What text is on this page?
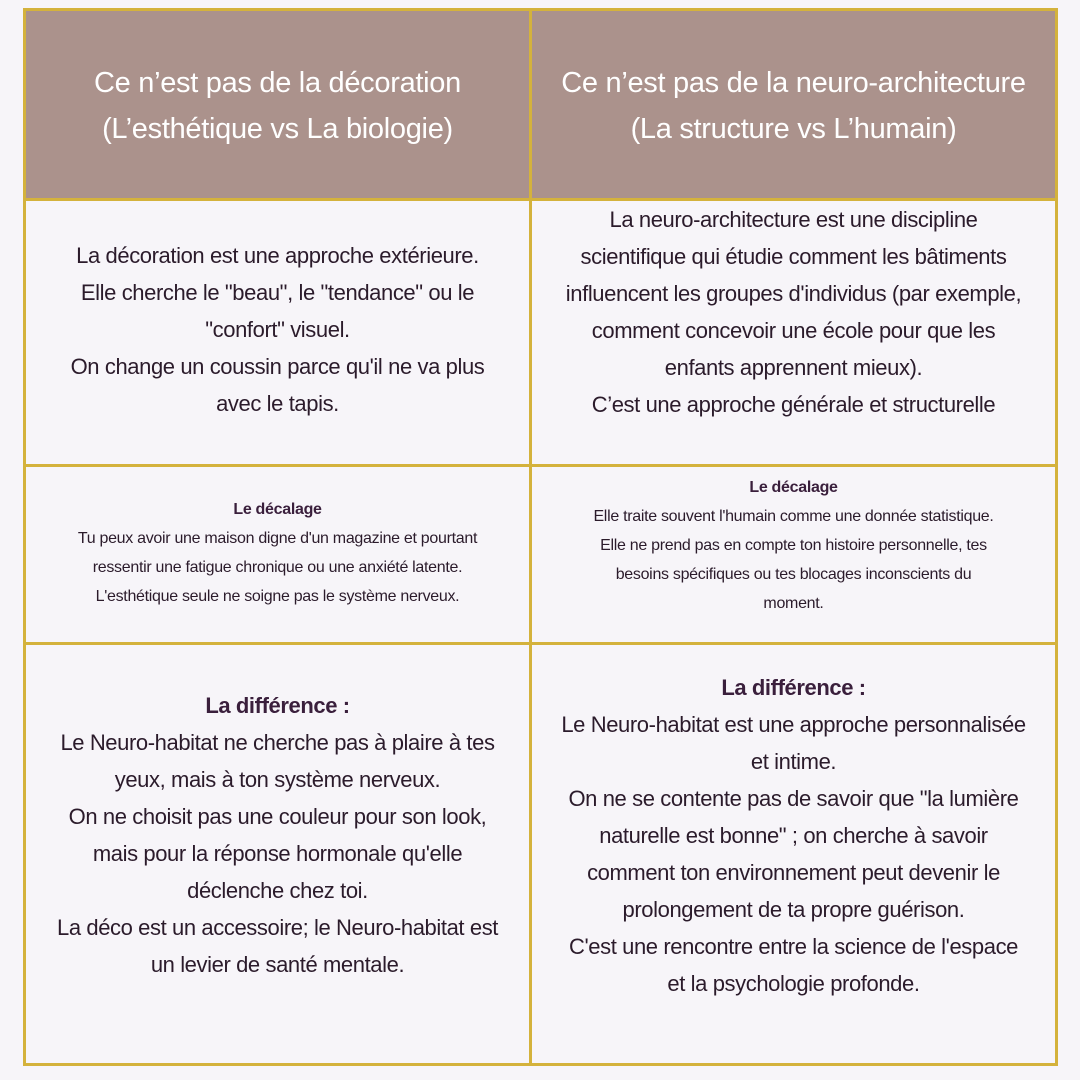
Ce n’est pas de la décoration
(L’esthétique vs La biologie)
Ce n’est pas de la neuro-architecture
(La structure vs L’humain)
La décoration est une approche extérieure.
Elle cherche le "beau", le "tendance" ou le
"confort" visuel.
On change un coussin parce qu'il ne va plus
avec le tapis.
La neuro-architecture est une discipline
scientifique qui étudie comment les bâtiments
influencent les groupes d'individus (par exemple,
comment concevoir une école pour que les
enfants apprennent mieux).
C’est une approche générale et structurelle
Le décalage
Tu peux avoir une maison digne d'un magazine et pourtant
ressentir une fatigue chronique ou une anxiété latente.
L'esthétique seule ne soigne pas le système nerveux.
Le décalage
Elle traite souvent l'humain comme une donnée statistique.
Elle ne prend pas en compte ton histoire personnelle, tes
besoins spécifiques ou tes blocages inconscients du
moment.
La différence :
Le Neuro-habitat ne cherche pas à plaire à tes
yeux, mais à ton système nerveux.
On ne choisit pas une couleur pour son look,
mais pour la réponse hormonale qu'elle
déclenche chez toi.
La déco est un accessoire; le Neuro-habitat est
un levier de santé mentale.
La différence :
Le Neuro-habitat est une approche personnalisée
et intime.
On ne se contente pas de savoir que "la lumière
naturelle est bonne" ; on cherche à savoir
comment ton environnement peut devenir le
prolongement de ta propre guérison.
C'est une rencontre entre la science de l'espace
et la psychologie profonde.
